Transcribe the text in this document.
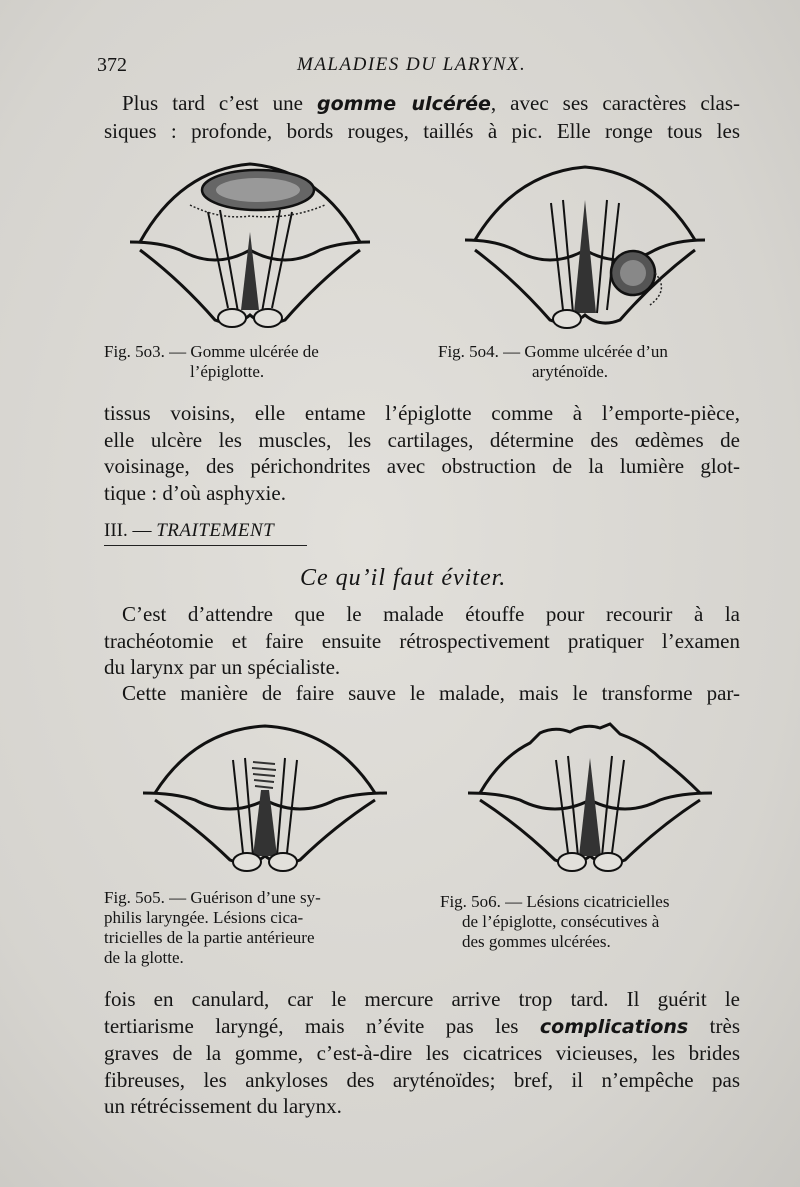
372	MALADIES DU LARYNX.
Plus tard c’est une gomme ulcérée, avec ses caractères clas-
siques : profonde, bords rouges, taillés à pic. Elle ronge tous les
Fig. 5o3. — Gomme ulcérée de
l’épiglotte.
Fig. 5o4. — Gomme ulcérée d’un
aryténoïde.
tissus voisins, elle entame l’épiglotte comme à l’emporte-pièce,
elle ulcère les muscles, les cartilages, détermine des œdèmes de
voisinage, des périchondrites avec obstruction de la lumière glot-
tique : d’où asphyxie.
III. — TRAITEMENT
Ce qu’il faut éviter.
C’est d’attendre que le malade étouffe pour recourir à la
trachéotomie et faire ensuite rétrospectivement pratiquer l’examen
du larynx par un spécialiste.
Cette manière de faire sauve le malade, mais le transforme par-
Fig. 5o5. — Guérison d’une sy-
philis laryngée. Lésions cica-
tricielles de la partie antérieure
de la glotte.
Fig. 5o6. — Lésions cicatricielles
de l’épiglotte, consécutives à
des gommes ulcérées.
fois en canulard, car le mercure arrive trop tard. Il guérit le
tertiarisme laryngé, mais n’évite pas les complications très
graves de la gomme, c’est-à-dire les cicatrices vicieuses, les brides
fibreuses, les ankyloses des aryténoïdes; bref, il n’empêche pas
un rétrécissement du larynx.
